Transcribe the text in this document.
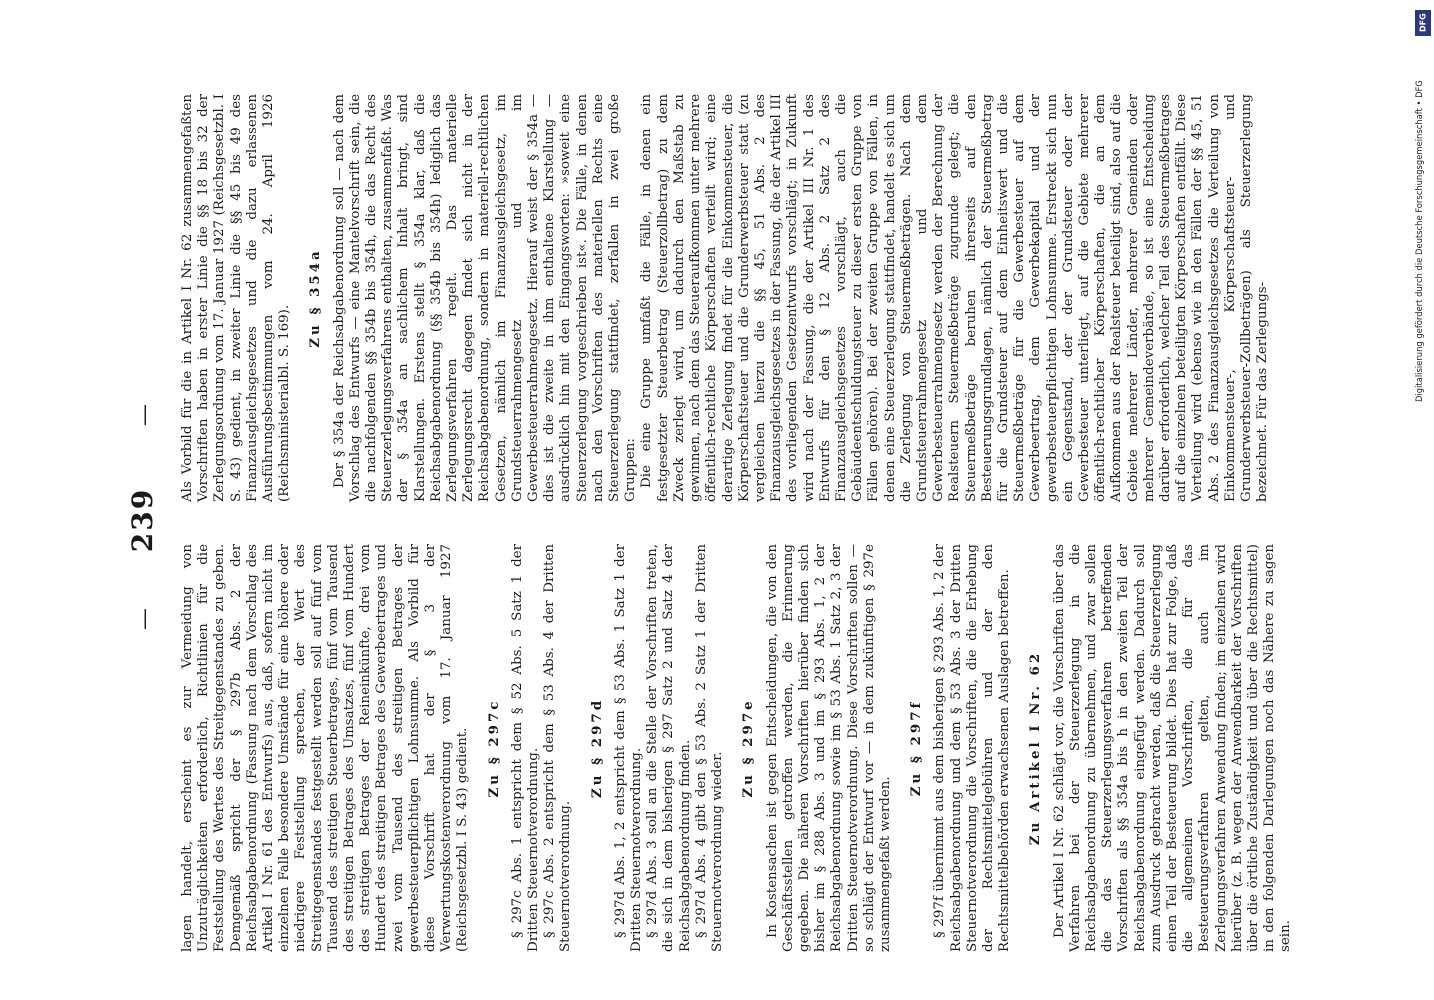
—
239
—

lagen handelt, erscheint es zur Vermeidung von Unzuträglichkeiten erforderlich, Richtlinien für die Feststellung des Wertes des Streitgegenstandes zu geben. Demgemäß spricht der § 297b Abs. 2 der Reichsabgabenordnung (Fassung nach dem Vorschlag des Artikel I Nr. 61 des Entwurfs) aus, daß, sofern nicht im einzelnen Falle besondere Umstände für eine höhere oder niedrigere Feststellung sprechen, der Wert des Streitgegenstandes festgestellt werden soll auf fünf vom Tausend des streitigen Steuerbetrages, fünf vom Tausend des streitigen Betrages des Umsatzes, fünf vom Hundert des streitigen Betrages der Reineinkünfte, drei vom Hundert des streitigen Betrages des Gewerbeertrages und zwei vom Tausend des streitigen Betrages der gewerbesteuerpflichtigen Lohnsumme. Als Vorbild für diese Vorschrift hat der § 3 der Verwertungskostenverordnung vom 17. Januar 1927 (Reichsgesetzbl. I S. 43) gedient. Zu § 297c § 297c Abs. 1 entspricht dem § 52 Abs. 5 Satz 1 der Dritten Steuernotverordnung. § 297c Abs. 2 entspricht dem § 53 Abs. 4 der Dritten Steuernotverordnung.

Zu § 297d § 297d Abs. 1, 2 entspricht dem § 53 Abs. 1 Satz 1 der Dritten Steuernotverordnung. § 297d Abs. 3 soll an die Stelle der Vorschriften treten, die sich in dem bisherigen § 297 Satz 2 und Satz 4 der Reichsabgabenordnung finden. § 297d Abs. 4 gibt den § 53 Abs. 2 Satz 1 der Dritten Steuernotverordnung wieder.

Zu § 297e In Kostensachen ist gegen Entscheidungen, die von den Geschäftsstellen getroffen werden, die Erinnerung gegeben. Die näheren Vorschriften hierüber finden sich bisher im § 288 Abs. 3 und im § 293 Abs. 1, 2 der Reichsabgabenordnung sowie im § 53 Abs. 1 Satz 2, 3 der Dritten Steuernotverordnung. Diese Vorschriften sollen — so schlägt der Entwurf vor — in dem zukünftigen § 297e zusammengefaßt werden.

Zu § 297f § 297f übernimmt aus dem bisherigen § 293 Abs. 1, 2 der Reichsabgabenordnung und dem § 53 Abs. 3 der Dritten Steuernotverordnung die Vorschriften, die die Erhebung der Rechtsmittelgebühren und der den Rechtsmittelbehörden erwachsenen Auslagen betreffen. Zu Artikel I Nr. 62 Der Artikel I Nr. 62 schlägt vor, die Vorschriften über das Verfahren bei der Steuerzerlegung in die Reichsabgabenordnung zu übernehmen, und zwar sollen die das Steuerzerlegungsverfahren betreffenden Vorschriften als §§ 354a bis h in den zweiten Teil der Reichsabgabenordnung eingefügt werden. Dadurch soll zum Ausdruck gebracht werden, daß die Steuerzerlegung einen Teil der Besteuerung bildet. Dies hat zur Folge, daß die allgemeinen Vorschriften, die für das Besteuerungsverfahren gelten, auch im Zerlegungsverfahren Anwendung finden; im einzelnen wird hierüber (z. B. wegen der Anwendbarkeit der Vorschriften über die örtliche Zuständigkeit und über die Rechtsmittel) in den folgenden Darlegungen noch das Nähere zu sagen sein.

Als Vorbild für die in Artikel I Nr. 62 zusammengefaßten Vorschriften haben in erster Linie die §§ 18 bis 32 der Zerlegungsordnung vom 17. Januar 1927 (Reichsgesetzbl. I S. 43) gedient, in zweiter Linie die §§ 45 bis 49 des Finanzausgleichsgesetzes und die dazu erlassenen Ausführungsbestimmungen vom 24. April 1926 (Reichsministerialbl. S. 169).

Zu § 354a Der § 354a der Reichsabgabenordnung soll — nach dem Vorschlag des Entwurfs — eine Mantelvorschrift sein, die die nachfolgenden §§ 354b bis 354h, die das Recht des Steuerzerlegungsverfahrens enthalten, zusammenfaßt. Was der § 354a an sachlichem Inhalt bringt, sind Klarstellungen. Erstens stellt § 354a klar, daß die Reichsabgabenordnung (§§ 354b bis 354h) lediglich das Zerlegungsverfahren regelt. Das materielle Zerlegungsrecht dagegen findet sich nicht in der Reichsabgabenordnung, sondern in materiell-rechtlichen Gesetzen, nämlich im Finanzausgleichsgesetz, im Grundsteuerrahmengesetz und im Gewerbesteuerrahmengesetz. Hierauf weist der § 354a — dies ist die zweite in ihm enthaltene Klarstellung — ausdrücklich hin mit den Eingangsworten: »soweit eine Steuerzerlegung vorgeschrieben ist«. Die Fälle, in denen nach den Vorschriften des materiellen Rechts eine Steuerzerlegung stattfindet, zerfallen in zwei große Gruppen: Die eine Gruppe umfaßt die Fälle, in denen ein festgesetzter Steuerbetrag (Steuerzollbetrag) zu dem Zweck zerlegt wird, um dadurch den Maßstab zu gewinnen, nach dem das Steueraufkommen unter mehrere öffentlich-rechtliche Körperschaften verteilt wird; eine derartige Zerlegung findet für die Einkommensteuer, die Körperschaftsteuer und die Grunderwerbsteuer statt (zu vergleichen hierzu die §§ 45, 51 Abs. 2 des Finanzausgleichsgesetzes in der Fassung, die der Artikel III des vorliegenden Gesetzentwurfs vorschlägt; in Zukunft wird nach der Fassung, die der Artikel III Nr. 1 des Entwurfs für den § 12 Abs. 2 Satz 2 des Finanzausgleichsgesetzes vorschlägt, auch die Gebäudeentschuldungsteuer zu dieser ersten Gruppe von Fällen gehören). Bei der zweiten Gruppe von Fällen, in denen eine Steuerzerlegung stattfindet, handelt es sich um die Zerlegung von Steuermeßbeträgen. Nach dem Grundsteuerrahmengesetz und dem Gewerbesteuerrahmengesetz werden der Berechnung der Realsteuern Steuermeßbeträge zugrunde gelegt; die Steuermeßbeträge beruhen ihrerseits auf den Besteuerungsgrundlagen, nämlich der Steuermeßbetrag für die Grundsteuer auf dem Einheitswert und die Steuermeßbeträge für die Gewerbesteuer auf dem Gewerbeertrag, dem Gewerbekapital und der gewerbesteuerpflichtigen Lohnsumme. Erstreckt sich nun ein Gegenstand, der der Grundsteuer oder der Gewerbesteuer unterliegt, auf die Gebiete mehrerer öffentlich-rechtlicher Körperschaften, die an dem Aufkommen aus der Realsteuer beteiligt sind, also auf die Gebiete mehrerer Länder, mehrerer Gemeinden oder mehrerer Gemeindeverbände, so ist eine Entscheidung darüber erforderlich, welcher Teil des Steuermeßbetrages auf die einzelnen beteiligten Körperschaften entfällt. Diese Verteilung wird (ebenso wie in den Fällen der §§ 45, 51 Abs. 2 des Finanzausgleichsgesetzes die Verteilung von Einkommensteuer-, Körperschaftsteuer- und Grunderwerbsteuer-Zollbeträgen) als Steuerzerlegung bezeichnet. Für das Zerlegungs-

DFG
Digitalisierung gefördert durch die Deutsche Forschungsgemeinschaft • DFG
